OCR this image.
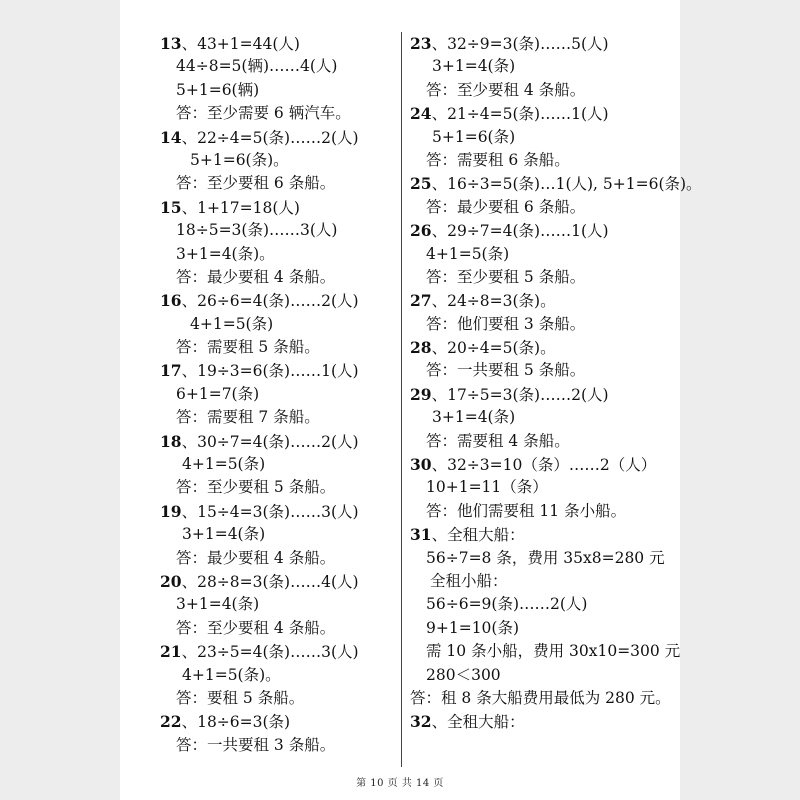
13、43+1=44(人)
44÷8=5(辆)……4(人)
5+1=6(辆)
答：至少需要 6 辆汽车。
14、22÷4=5(条)……2(人)
5+1=6(条)。
答：至少要租 6 条船。
15、1+17=18(人)
18÷5=3(条)……3(人)
3+1=4(条)。
答：最少要租 4 条船。
16、26÷6=4(条)……2(人)
4+1=5(条)
答：需要租 5 条船。
17、19÷3=6(条)……1(人)
6+1=7(条)
答：需要租 7 条船。
18、30÷7=4(条)……2(人)
4+1=5(条)
答：至少要租 5 条船。
19、15÷4=3(条)……3(人)
3+1=4(条)
答：最少要租 4 条船。
20、28÷8=3(条)……4(人)
3+1=4(条)
答：至少要租 4 条船。
21、23÷5=4(条)……3(人)
4+1=5(条)。
答：要租 5 条船。
22、18÷6=3(条)
答：一共要租 3 条船。
23、32÷9=3(条)……5(人)
3+1=4(条)
答：至少要租 4 条船。
24、21÷4=5(条)……1(人)
5+1=6(条)
答：需要租 6 条船。
25、16÷3=5(条)…1(人), 5+1=6(条)。
答：最少要租 6 条船。
26、29÷7=4(条)……1(人)
4+1=5(条)
答：至少要租 5 条船。
27、24÷8=3(条)。
答：他们要租 3 条船。
28、20÷4=5(条)。
答：一共要租 5 条船。
29、17÷5=3(条)……2(人)
3+1=4(条)
答：需要租 4 条船。
30、32÷3=10（条）……2（人）
10+1=11（条）
答：他们需要租 11 条小船。
31、全租大船：
56÷7=8 条，费用 35x8=280 元
全租小船：
56÷6=9(条)……2(人)
9+1=10(条)
需 10 条小船，费用 30x10=300 元
280＜300
答：租 8 条大船费用最低为 280 元。
32、全租大船：
第 10 页 共 14 页
